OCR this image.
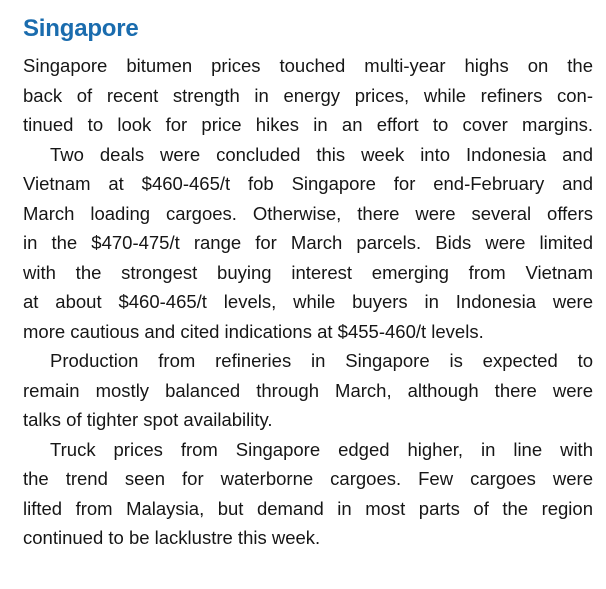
Singapore
Singapore bitumen prices touched multi-year highs on the
back of recent strength in energy prices, while refiners con-
tinued to look for price hikes in an effort to cover margins.
Two deals were concluded this week into Indonesia and
Vietnam at $460-465/t fob Singapore for end-February and
March loading cargoes. Otherwise, there were several offers
in the $470-475/t range for March parcels. Bids were limited
with the strongest buying interest emerging from Vietnam
at about $460-465/t levels, while buyers in Indonesia were
more cautious and cited indications at $455-460/t levels.
Production from refineries in Singapore is expected to
remain mostly balanced through March, although there were
talks of tighter spot availability.
Truck prices from Singapore edged higher, in line with
the trend seen for waterborne cargoes. Few cargoes were
lifted from Malaysia, but demand in most parts of the region
continued to be lacklustre this week.
